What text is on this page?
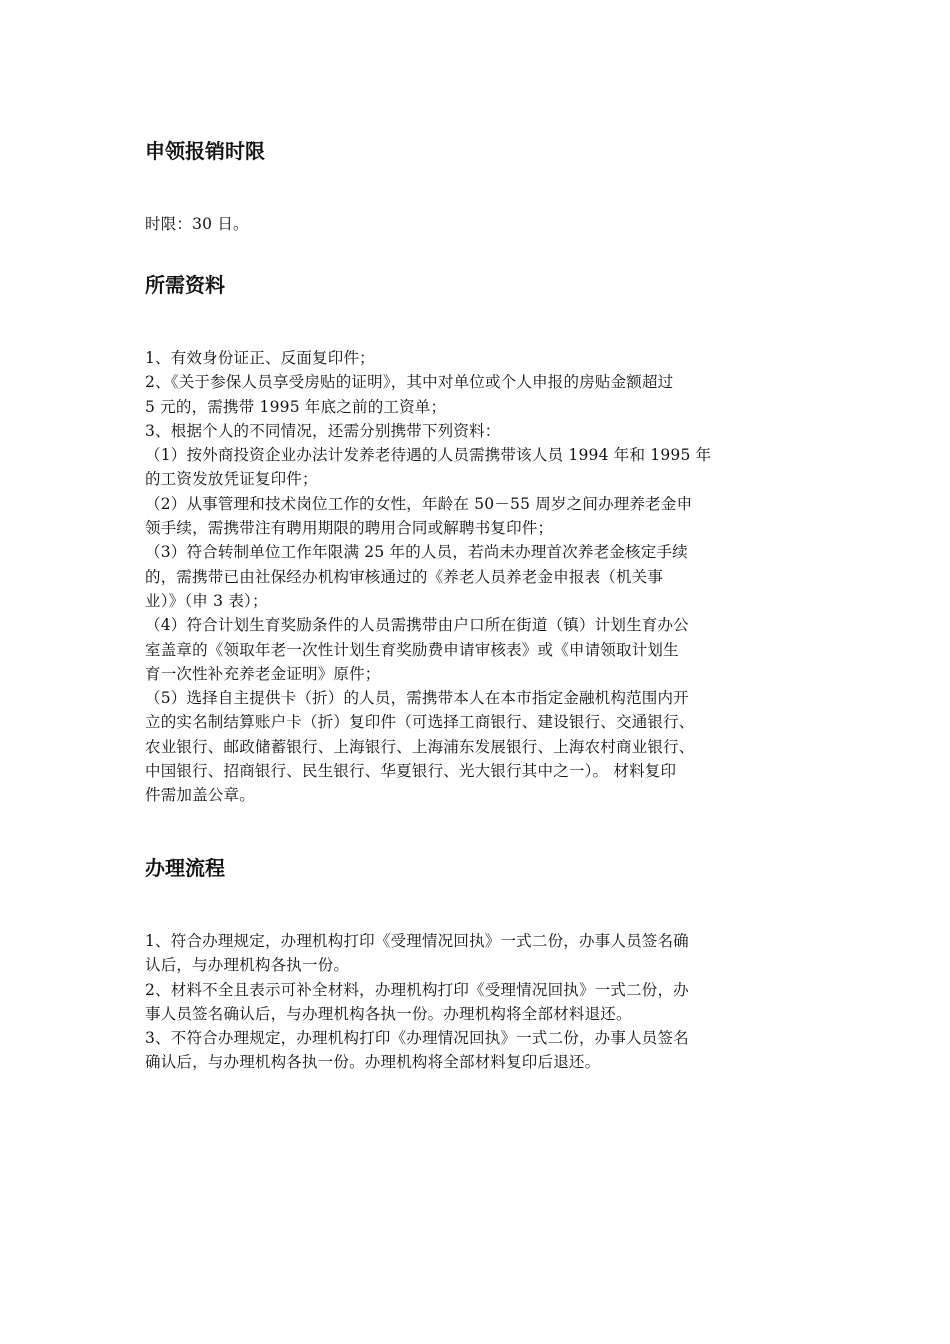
申领报销时限
时限：30 日。
所需资料
1、有效身份证正、反面复印件；
2、《关于参保人员享受房贴的证明》，其中对单位或个人申报的房贴金额超过
5 元的，需携带 1995 年底之前的工资单；
3、根据个人的不同情况，还需分别携带下列资料：
（1）按外商投资企业办法计发养老待遇的人员需携带该人员 1994 年和 1995 年
的工资发放凭证复印件；
（2）从事管理和技术岗位工作的女性，年龄在 50－55 周岁之间办理养老金申
领手续，需携带注有聘用期限的聘用合同或解聘书复印件；
（3）符合转制单位工作年限满 25 年的人员，若尚未办理首次养老金核定手续
的，需携带已由社保经办机构审核通过的《养老人员养老金申报表（机关事
业）》（申 3 表）；
（4）符合计划生育奖励条件的人员需携带由户口所在街道（镇）计划生育办公
室盖章的《领取年老一次性计划生育奖励费申请审核表》或《申请领取计划生
育一次性补充养老金证明》原件；
（5）选择自主提供卡（折）的人员，需携带本人在本市指定金融机构范围内开
立的实名制结算账户卡（折）复印件（可选择工商银行、建设银行、交通银行、
农业银行、邮政储蓄银行、上海银行、上海浦东发展银行、上海农村商业银行、
中国银行、招商银行、民生银行、华夏银行、光大银行其中之一）。 材料复印
件需加盖公章。
办理流程
1、符合办理规定，办理机构打印《受理情况回执》一式二份，办事人员签名确
认后，与办理机构各执一份。
2、材料不全且表示可补全材料，办理机构打印《受理情况回执》一式二份，办
事人员签名确认后，与办理机构各执一份。办理机构将全部材料退还。
3、不符合办理规定，办理机构打印《办理情况回执》一式二份，办事人员签名
确认后，与办理机构各执一份。办理机构将全部材料复印后退还。
